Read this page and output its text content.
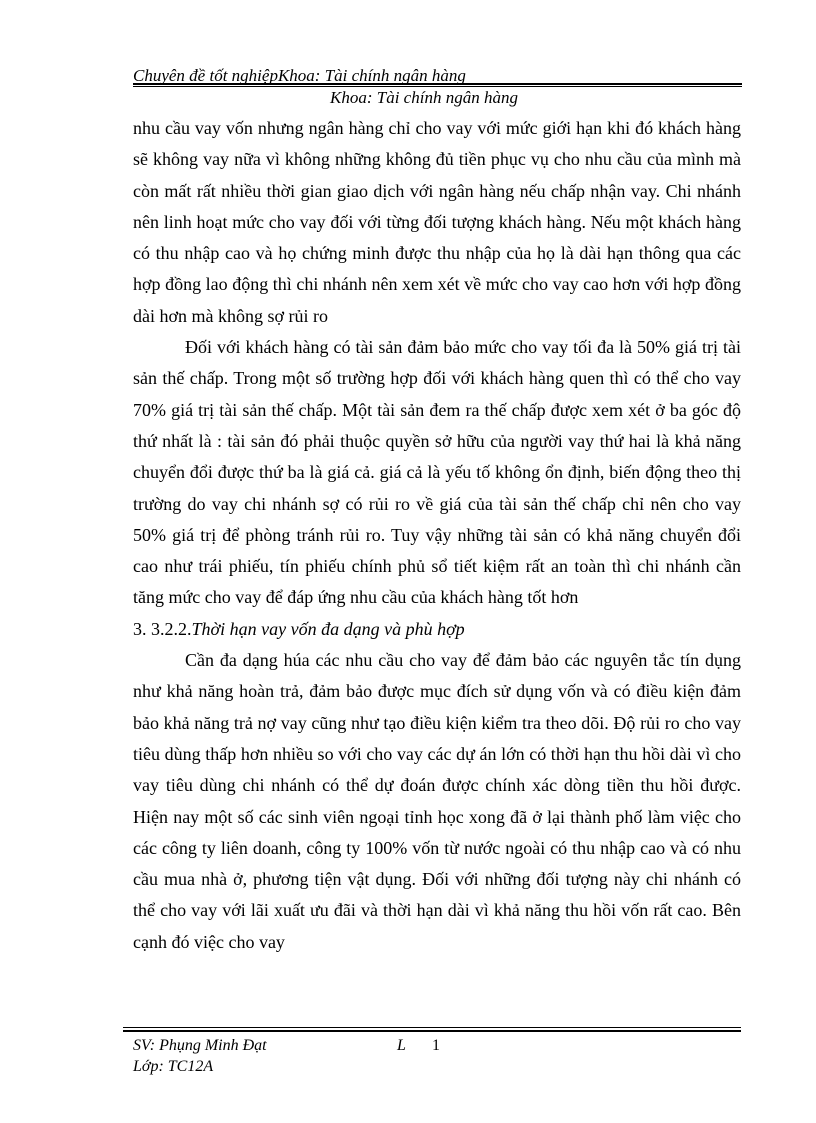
Chuyên đề tốt nghiệpKhoa: Tài chính ngân hàng
Khoa: Tài chính ngân hàng

nhu cầu vay vốn nhưng ngân hàng chỉ cho vay với mức giới hạn khi đó khách hàng sẽ không vay nữa vì không những không đủ tiền phục vụ cho nhu cầu của mình mà còn mất rất nhiều thời gian giao dịch với ngân hàng nếu chấp nhận vay. Chi nhánh nên linh hoạt mức cho vay đối với từng đối tượng khách hàng. Nếu một khách hàng có thu nhập cao và họ chứng minh được thu nhập của họ là dài hạn thông qua các hợp đồng lao động thì chi nhánh nên xem xét về mức cho vay cao hơn với hợp đồng dài hơn mà không sợ rủi ro

Đối với khách hàng có tài sản đảm bảo mức cho vay tối đa là 50% giá trị tài sản thế chấp. Trong một số trường hợp đối với khách hàng quen thì có thể cho vay 70% giá trị tài sản thế chấp. Một tài sản đem ra thế chấp được xem xét ở ba góc độ thứ nhất là : tài sản đó phải thuộc quyền sở hữu của người vay thứ hai là khả năng chuyển đổi được thứ ba là giá cả. giá cả là yếu tố không ổn định, biến động theo thị trường do vay chi nhánh sợ có rủi ro về giá của tài sản thế chấp chỉ nên cho vay 50% giá trị để phòng tránh rủi ro. Tuy vậy những tài sản có khả năng chuyển đổi cao như trái phiếu, tín phiếu chính phủ sổ tiết kiệm rất an toàn thì chi nhánh cần tăng mức cho vay để đáp ứng nhu cầu của khách hàng tốt hơn

3. 3.2.2.Thời hạn vay vốn đa dạng và phù hợp

Cần đa dạng húa các nhu cầu cho vay để đảm bảo các nguyên tắc tín dụng như khả năng hoàn trả, đảm bảo được mục đích sử dụng vốn và có điều kiện đảm bảo khả năng trả nợ vay cũng như tạo điều kiện kiểm tra theo dõi. Độ rủi ro cho vay tiêu dùng thấp hơn nhiều so với cho vay các dự án lớn có thời hạn thu hồi dài vì cho vay tiêu dùng chi nhánh có thể dự đoán được chính xác dòng tiền thu hồi được. Hiện nay một số các sinh viên ngoại tỉnh học xong đã ở lại thành phố làm việc cho các công ty liên doanh, công ty 100% vốn từ nước ngoài có thu nhập cao và có nhu cầu mua nhà ở, phương tiện vật dụng. Đối với những đối tượng này chi nhánh có thể cho vay với lãi xuất ưu đãi và thời hạn dài vì khả năng thu hồi vốn rất cao. Bên cạnh đó việc cho vay

SV: Phụng Minh Đạt	L 1
Lớp: TC12A
